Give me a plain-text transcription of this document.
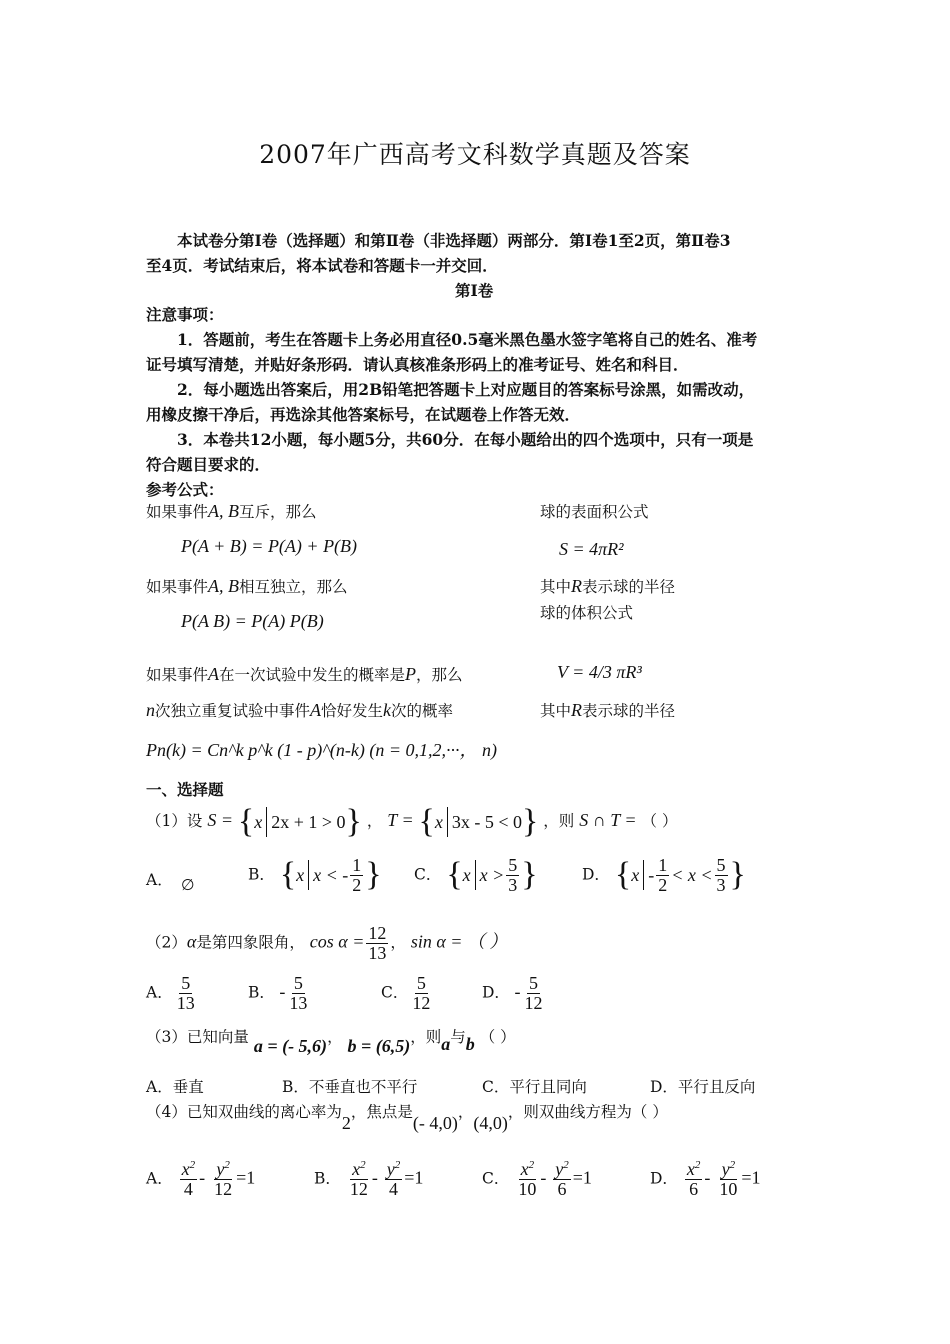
2007年广西高考文科数学真题及答案
本试卷分第Ⅰ卷（选择题）和第Ⅱ卷（非选择题）两部分．第Ⅰ卷1至2页，第Ⅱ卷3
至4页．考试结束后，将本试卷和答题卡一并交回．
第Ⅰ卷
注意事项：
1．答题前，考生在答题卡上务必用直径0.5毫米黑色墨水签字笔将自己的姓名、准考
证号填写清楚，并贴好条形码．请认真核准条形码上的准考证号、姓名和科目．
2．每小题选出答案后，用2B铅笔把答题卡上对应题目的答案标号涂黑，如需改动，
用橡皮擦干净后，再选涂其他答案标号，在试题卷上作答无效．
3．本卷共12小题，每小题5分，共60分．在每小题给出的四个选项中，只有一项是
符合题目要求的．
参考公式：
如果事件A, B互斥，那么
P(A + B) = P(A) + P(B)
如果事件A, B相互独立，那么
P(A B) = P(A) P(B)
如果事件A在一次试验中发生的概率是P，那么
n次独立重复试验中事件A恰好发生k次的概率
Pn(k) = Cn^k p^k (1 - p)^(n-k) (n = 0,1,2,···， n)
球的表面积公式
S = 4πR²
其中R表示球的半径
球的体积公式
V = 4/3 πR³
其中R表示球的半径
一、选择题
（1）设 S = { x 2x + 1 > 0 } ， T = { x 3x - 5 < 0 } ，则 S ∩ T = （ ）
A． ∅
B． { x x < - $\frac{1}{2}$ } C． { x $x > \frac{5}{3}$ }	D． { $x - \frac{1}{2} < x < \frac{5}{3}$ }
（2）α是第四象限角， $\cos \alpha = \frac{12}{13}$ ， sin α = （ ）
A． $\frac{5}{13}$	B． - $\frac{5}{13}$	C． $\frac{5}{12}$	D． - $\frac{5}{12}$
（3）已知向量 a = (- 5,6)， b = (6,5)，则a与b （ ）
A．垂直	B．不垂直也不平行	C．平行且同向	D．平行且反向
（4）已知双曲线的离心率为2，焦点是(- 4,0)，(4,0)，则双曲线方程为（ ）
A． $\frac{x^2}{4} - \frac{y^2}{12} =1$	B． $\frac{x^2}{12} - \frac{y^2}{4} =1$	C． $\frac{x^2}{10} - \frac{y^2}{6} =1$	D． $\frac{x^2}{6} - \frac{y^2}{10} =1$
